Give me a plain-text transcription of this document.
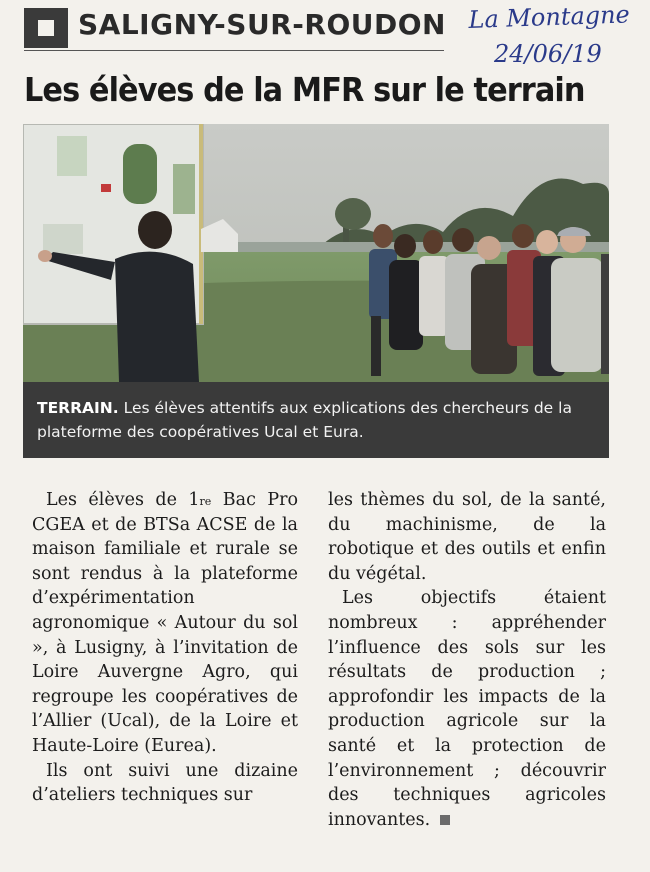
SALIGNY-SUR-ROUDON La Montagne
24/06/19
Les élèves de la MFR sur le terrain
TERRAIN. Les élèves attentifs aux explications des chercheurs de la plateforme des coopératives Ucal et Eura.

Les élèves de 1re Bac Pro CGEA et de BTSa ACSE de la maison familiale et rurale se sont rendus à la plateforme d’expérimentation agronomique « Autour du sol », à Lusigny, à l’invitation de Loire Auvergne Agro, qui regroupe les coopératives de l’Allier (Ucal), de la Loire et Haute-Loire (Eurea).

Ils ont suivi une dizaine d’ateliers techniques sur

les thèmes du sol, de la santé, du machinisme, de la robotique et des outils et enfin du végétal.

Les objectifs étaient nombreux : appréhender l’influence des sols sur les résultats de production ; approfondir les impacts de la production agricole sur la santé et la protection de l’environnement ; découvrir des techniques agricoles innovantes.
